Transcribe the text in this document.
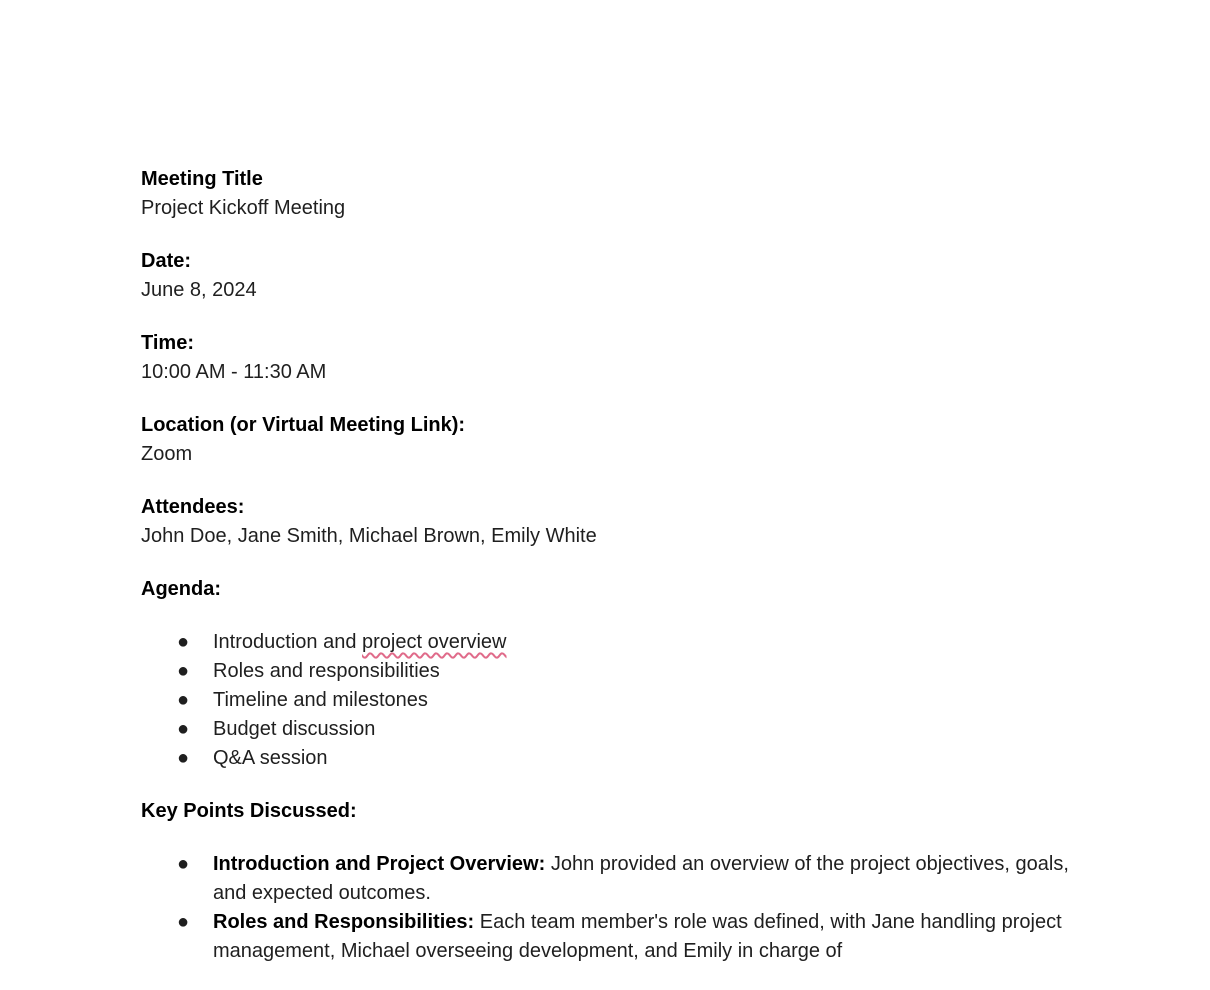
Meeting Title
Project Kickoff Meeting
Date:
June 8, 2024
Time:
10:00 AM - 11:30 AM
Location (or Virtual Meeting Link):
Zoom
Attendees:
John Doe, Jane Smith, Michael Brown, Emily White
Agenda:
● Introduction and project overview
● Roles and responsibilities
● Timeline and milestones
● Budget discussion
● Q&A session
Key Points Discussed:
● Introduction and Project Overview: John provided an overview of the project objectives, goals, and expected outcomes.
● Roles and Responsibilities: Each team member's role was defined, with Jane handling project management, Michael overseeing development, and Emily in charge of
